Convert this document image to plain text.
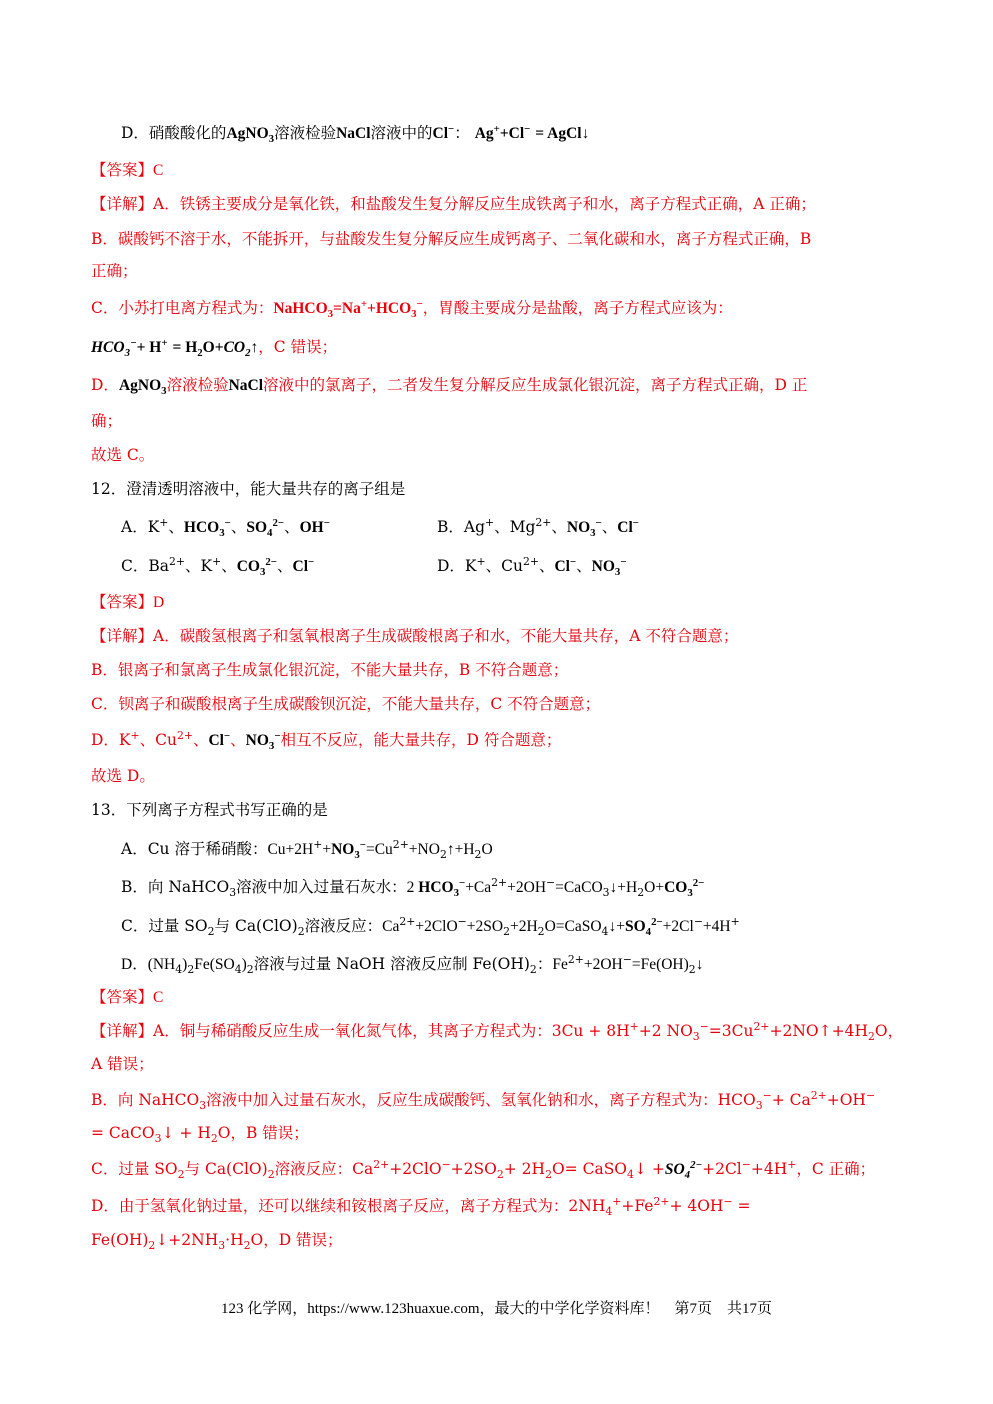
D．硝酸酸化的AgNO$_3$溶液检验NaCl溶液中的Cl−： Ag++Cl− = AgCl↓
【答案】C
【详解】A．铁锈主要成分是氧化铁，和盐酸发生复分解反应生成铁离子和水，离子方程式正确，A 正确；
B．碳酸钙不溶于水，不能拆开，与盐酸发生复分解反应生成钙离子、二氧化碳和水，离子方程式正确，B
正确；
C．小苏打电离方程式为：$NaHCO_3=Na^++HCO_3^-$，胃酸主要成分是盐酸，离子方程式应该为：
$HCO_3^-+ H^+$ = $H_2O+CO_2↑$，C 错误；
D．AgNO$_3$溶液检验NaCl溶液中的氯离子，二者发生复分解反应生成氯化银沉淀，离子方程式正确，D 正
确；
故选 C。
12．澄清透明溶液中，能大量共存的离子组是
A．K+、$HCO_3^-$、$SO_4^{2-}$、OH−	B．Ag+、$Mg^{2+}$、$NO_3^-$、Cl−
C．$Ba^{2+}$、K+、$CO_3^{2-}$、Cl−	D．K+、$Cu^{2+}$、Cl−、$NO_3^-$
【答案】D
【详解】A．碳酸氢根离子和氢氧根离子生成碳酸根离子和水，不能大量共存，A 不符合题意；
B．银离子和氯离子生成氯化银沉淀，不能大量共存，B 不符合题意；
C．钡离子和碳酸根离子生成碳酸钡沉淀，不能大量共存，C 不符合题意；
D．K+、$Cu^{2+}$、Cl−、$NO_3^-$相互不反应，能大量共存，D 符合题意；
故选 D。
13．下列离子方程式书写正确的是
A．Cu 溶于稀硝酸：$Cu+2H^++NO_3^-=Cu^{2+}+NO_2↑+H_2O$
B．向 NaHCO$_3$溶液中加入过量石灰水：2 $HCO_3^-+Ca^{2+}+2OH^-=CaCO_3↓+H_2O+CO_3^{2-}$
C．过量 $SO_2$与 $Ca(ClO)_2$溶液反应：$Ca^{2+}+2ClO^-+2SO_2+2H_2O=CaSO_4↓+SO_4^{2-}+2Cl^-+4H^+$
D．$(NH_4)_2Fe(SO_4)_2$溶液与过量 NaOH 溶液反应制 $Fe(OH)_2$：$Fe^{2+}+2OH^-=Fe(OH)_2↓$
【答案】C
【详解】A．铜与稀硝酸反应生成一氧化氮气体，其离子方程式为：3Cu + 8H++2 $NO_3^-=3Cu^{2+}+2NO↑+4H_2O$，
A 错误；
B．向 NaHCO$_3$溶液中加入过量石灰水，反应生成碳酸钙、氢氧化钠和水，离子方程式为：$HCO_3^-+ Ca^{2+}+OH^-$
= CaCO$_3$↓ + $H_2O$，B 错误；
C．过量 $SO_2$与 $Ca(ClO)_2$溶液反应：$Ca^{2+}+2ClO^-+2SO_2+ 2H_2O=$ CaSO$_4$↓ $+SO_4^{2-}+2Cl^-+4H^+$，C 正确；
D．由于氢氧化钠过量，还可以继续和铵根离子反应，离子方程式为：$2NH_4^++Fe^{2+}+ 4OH^-$ =
$Fe(OH)_2↓+2NH_3\cdot H_2O$，D 错误；
123 化学网，https://www.123huaxue.com，最大的中学化学资料库！　第7页　共17页
